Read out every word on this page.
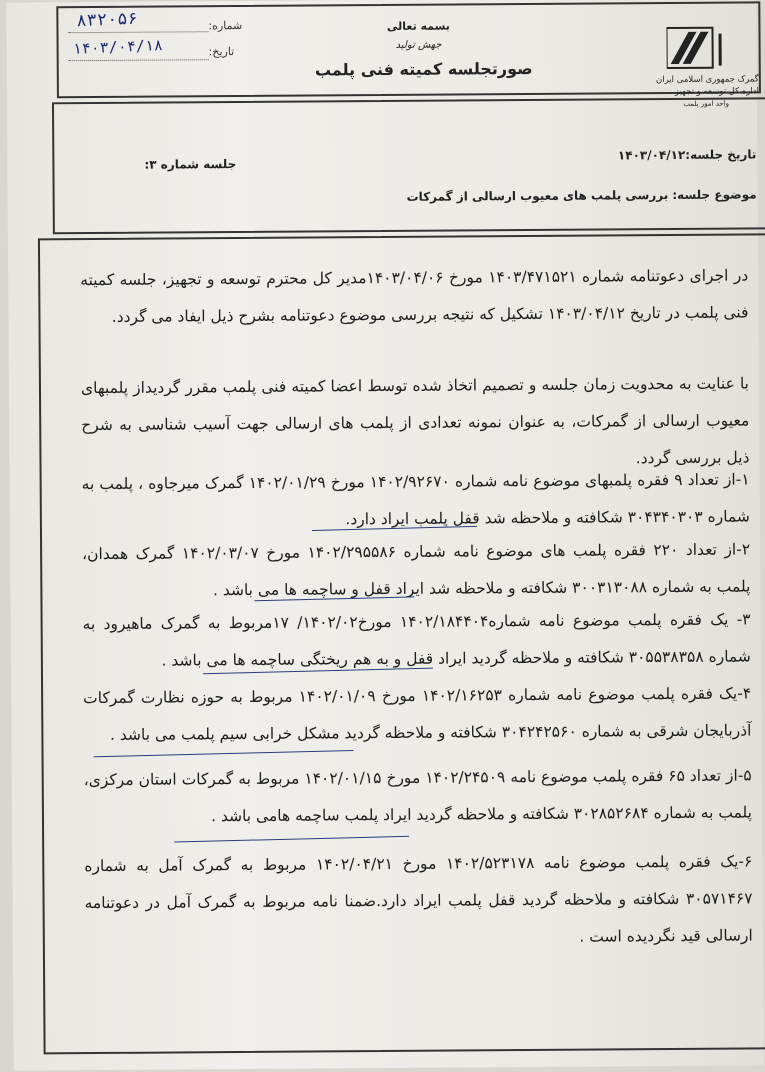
شماره:
۸۳۲۰۵۶
تاریخ:
۱۴۰۳/۰۴/۱۸
بسمه تعالی
جهش تولید
صورتجلسه کمیته فنی پلمب
گمرک جمهوری اسلامی ایران
اداره کل توسعه و تجهیز
واحد امور پلمب
تاریخ جلسه:۱۴۰۳/۰۴/۱۲
جلسه شماره ۳:
موضوع جلسه: بررسی پلمب های معیوب ارسالی از گمرکات
در اجرای دعوتنامه شماره ۱۴۰۳/۴۷۱۵۲۱ مورخ ۱۴۰۳/۰۴/۰۶مدیر کل محترم توسعه و تجهیز، جلسه کمیته فنی پلمب در تاریخ ۱۴۰۳/۰۴/۱۲ تشکیل که نتیجه بررسی موضوع دعوتنامه بشرح ذیل ایفاد می گردد.
با عنایت به محدویت زمان جلسه و تصمیم اتخاذ شده توسط اعضا کمیته فنی پلمب مقرر گردیداز پلمبهای معیوب ارسالی از گمرکات، به عنوان نمونه تعدادی از پلمب های ارسالی جهت آسیب شناسی به شرح ذیل بررسی گردد.
۱-از تعداد ۹ فقره پلمبهای موضوع نامه شماره ۱۴۰۲/۹۲۶۷۰ مورخ ۱۴۰۲/۰۱/۲۹ گمرک میرجاوه ، پلمب به شماره ۳۰۴۳۴۰۳۰۳ شکافته و ملاحظه شد قفل پلمب ایراد دارد.
۲-از تعداد ۲۲۰ فقره پلمب های موضوع نامه شماره ۱۴۰۲/۲۹۵۵۸۶ مورخ ۱۴۰۲/۰۳/۰۷ گمرک همدان، پلمب به شماره ۳۰۰۳۱۳۰۸۸ شکافته و ملاحظه شد ایراد قفل و ساچمه ها می باشد .
۳- یک فقره پلمب موضوع نامه شماره۱۴۰۲/۱۸۴۴۰۴ مورخ۱۴۰۲/۰۲/ ۱۷مربوط به گمرک ماهیرود به شماره ۳۰۵۵۳۸۳۵۸ شکافته و ملاحظه گردید ایراد قفل و به هم ریختگی ساچمه ها می باشد .
۴-یک فقره پلمب موضوع نامه شماره ۱۴۰۲/۱۶۲۵۳ مورخ ۱۴۰۲/۰۱/۰۹ مربوط به حوزه نظارت گمرکات آذربایجان شرقی به شماره ۳۰۴۲۴۲۵۶۰ شکافته و ملاحظه گردید مشکل خرابی سیم پلمب می باشد .
۵-از تعداد ۶۵ فقره پلمب موضوع نامه ۱۴۰۲/۲۴۵۰۹ مورخ ۱۴۰۲/۰۱/۱۵ مربوط به گمرکات استان مرکزی، پلمب به شماره ۳۰۲۸۵۲۶۸۴ شکافته و ملاحظه گردید ایراد پلمب ساچمه هامی باشد .
۶-یک فقره پلمب موضوع نامه ۱۴۰۲/۵۲۳۱۷۸ مورخ ۱۴۰۲/۰۴/۲۱ مربوط به گمرک آمل به شماره ۳۰۵۷۱۴۶۷ شکافته و ملاحظه گردید قفل پلمب ایراد دارد.ضمنا نامه مربوط به گمرک آمل در دعوتنامه ارسالی قید نگردیده است .
